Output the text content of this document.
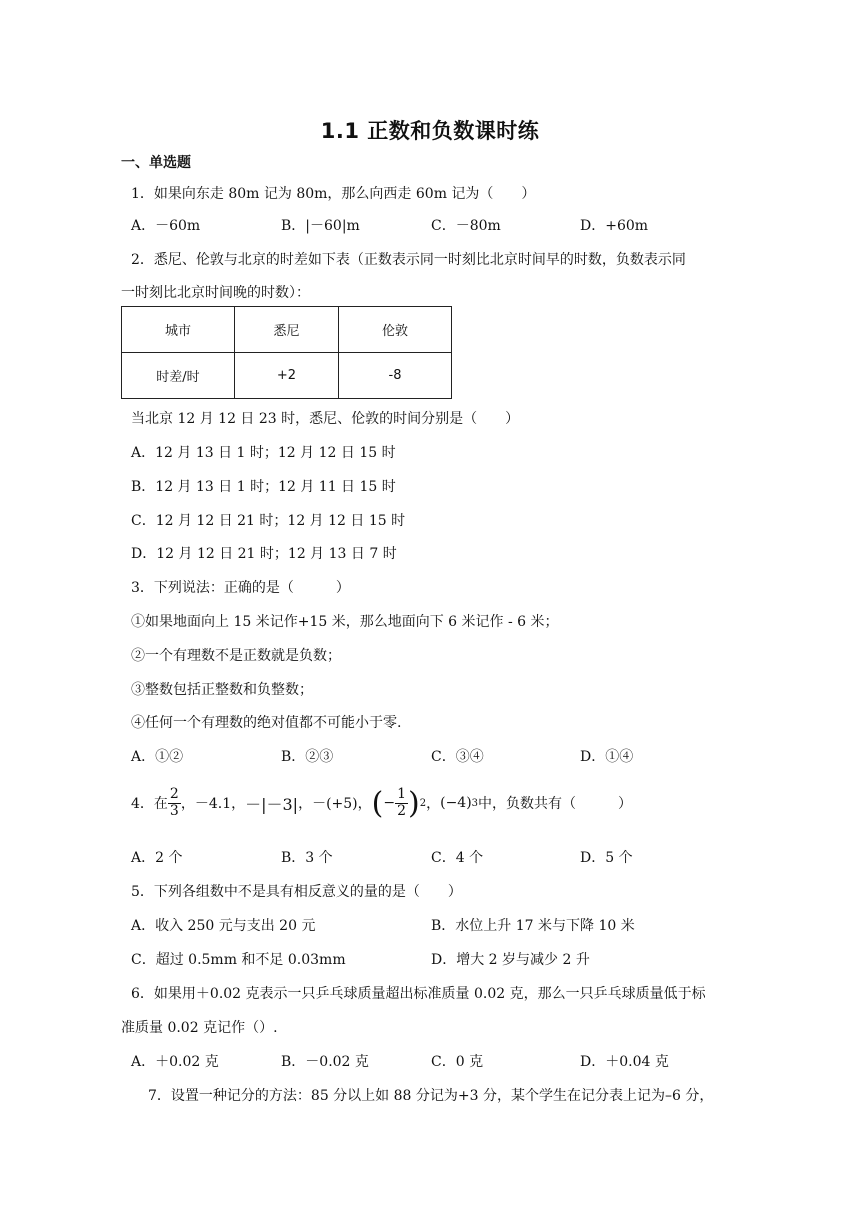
1.1 正数和负数课时练
一、单选题
1．如果向东走 80m 记为 80m，那么向西走 60m 记为（　　）
A．－60m	B．|－60|m	C．－80m	D．+60m
2．悉尼、伦敦与北京的时差如下表（正数表示同一时刻比北京时间早的时数，负数表示同
一时刻比北京时间晚的时数）：
城市	悉尼	伦敦
时差/时	+2	-8
当北京 12 月 12 日 23 时，悉尼、伦敦的时间分别是（　　）
A．12 月 13 日 1 时；12 月 12 日 15 时
B．12 月 13 日 1 时；12 月 11 日 15 时
C．12 月 12 日 21 时；12 月 12 日 15 时
D．12 月 12 日 21 时；12 月 13 日 7 时
3．下列说法：正确的是（　　　）
①如果地面向上 15 米记作+15 米，那么地面向下 6 米记作 - 6 米；
②一个有理数不是正数就是负数；
③整数包括正整数和负整数；
④任何一个有理数的绝对值都不可能小于零.
A．①②	B．②③	C．③④	D．①④
4．在 $\frac{2}{3}$ ，－4.1， －|－3| ，－(+5)， ( − $\frac{1}{2}$ ) 2 ， (−4) 3 中，负数共有（　　　）
A．2 个	B．3 个	C．4 个	D．5 个
5．下列各组数中不是具有相反意义的量的是（　　）
A．收入 250 元与支出 20 元	B．水位上升 17 米与下降 10 米
C．超过 0.5mm 和不足 0.03mm	D．增大 2 岁与减少 2 升
6．如果用＋0.02 克表示一只乒乓球质量超出标准质量 0.02 克，那么一只乒乓球质量低于标
准质量 0.02 克记作（）.
A．＋0.02 克	B．－0.02 克	C．0 克	D．＋0.04 克
7．设置一种记分的方法：85 分以上如 88 分记为+3 分，某个学生在记分表上记为–6 分，
